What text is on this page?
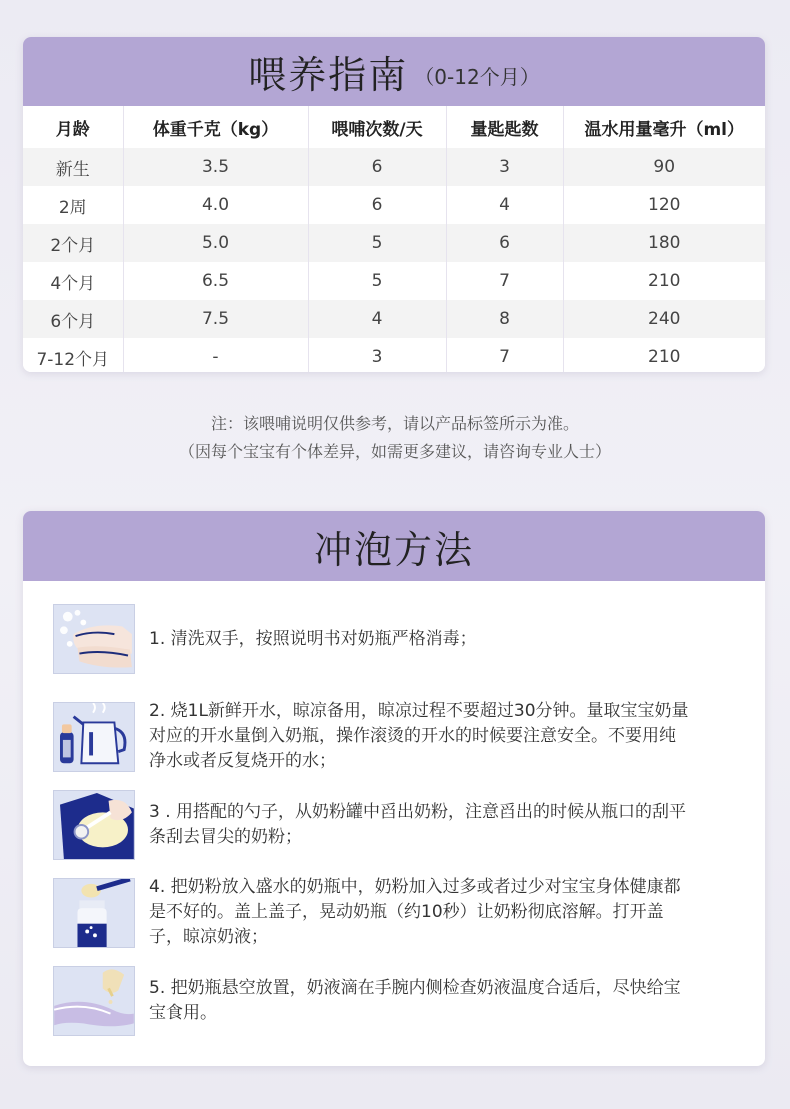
喂养指南 （0-12个月）
月龄	体重千克（kg）	喂哺次数/天	量匙匙数	温水用量毫升（ml）
新生	3.5	6	3	90
2周	4.0	6	4	120
2个月	5.0	5	6	180
4个月	6.5	5	7	210
6个月	7.5	4	8	240
7-12个月	-	3	7	210
注：该喂哺说明仅供参考，请以产品标签所示为准。
（因每个宝宝有个体差异，如需更多建议，请咨询专业人士）
冲泡方法
1. 清洗双手，按照说明书对奶瓶严格消毒；
2. 烧1L新鲜开水，晾凉备用，晾凉过程不要超过30分钟。量取宝宝奶量对应的开水量倒入奶瓶，操作滚烫的开水的时候要注意安全。不要用纯净水或者反复烧开的水；
3 . 用搭配的勺子，从奶粉罐中舀出奶粉，注意舀出的时候从瓶口的刮平条刮去冒尖的奶粉；
4. 把奶粉放入盛水的奶瓶中，奶粉加入过多或者过少对宝宝身体健康都是不好的。盖上盖子，晃动奶瓶（约10秒）让奶粉彻底溶解。打开盖子，晾凉奶液；
5. 把奶瓶悬空放置，奶液滴在手腕内侧检查奶液温度合适后，尽快给宝宝食用。
